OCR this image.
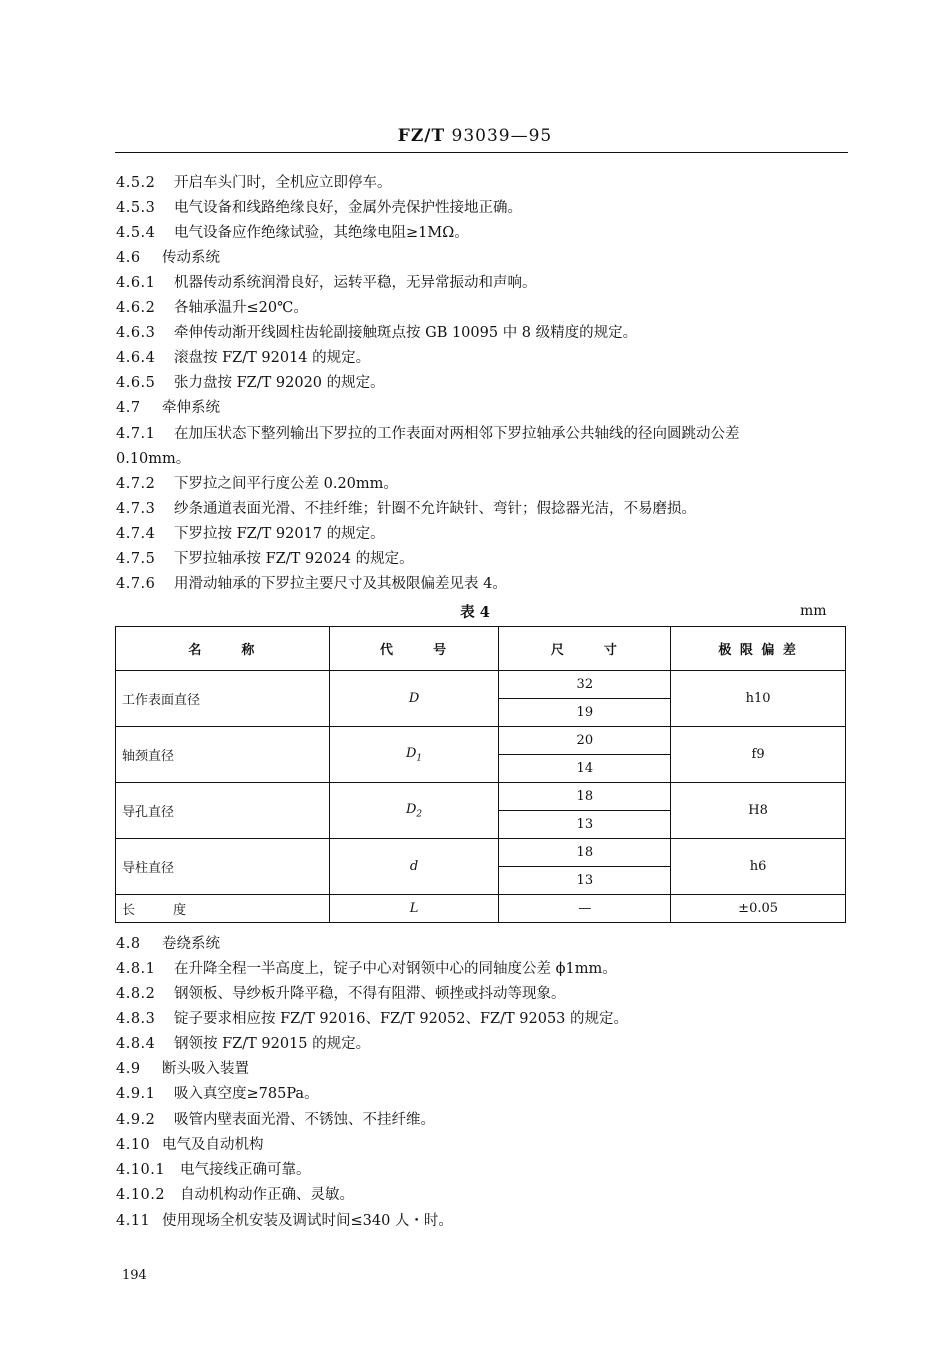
FZ/T 93039—95
4.5.2 开启车头门时，全机应立即停车。
4.5.3 电气设备和线路绝缘良好，金属外壳保护性接地正确。
4.5.4 电气设备应作绝缘试验，其绝缘电阻≥1MΩ。
4.6 传动系统
4.6.1 机器传动系统润滑良好，运转平稳，无异常振动和声响。
4.6.2 各轴承温升≤20℃。
4.6.3 牵伸传动渐开线圆柱齿轮副接触斑点按 GB 10095 中 8 级精度的规定。
4.6.4 滚盘按 FZ/T 92014 的规定。
4.6.5 张力盘按 FZ/T 92020 的规定。
4.7 牵伸系统
4.7.1 在加压状态下整列输出下罗拉的工作表面对两相邻下罗拉轴承公共轴线的径向圆跳动公差
0.10mm。
4.7.2 下罗拉之间平行度公差 0.20mm。
4.7.3 纱条通道表面光滑、不挂纤维；针圈不允许缺针、弯针；假捻器光洁，不易磨损。
4.7.4 下罗拉按 FZ/T 92017 的规定。
4.7.5 下罗拉轴承按 FZ/T 92024 的规定。
4.7.6 用滑动轴承的下罗拉主要尺寸及其极限偏差见表 4。
表 4	mm
名 称	代 号	尺 寸	极 限 偏 差
工作表面直径	D	32	h10
		19	
轴颈直径	$D_1$	20	f9
		14	
导孔直径	$D_2$	18	H8
		13	
导柱直径	d	18	h6
		13	
长 度	L	—	±0.05
4.8 卷绕系统
4.8.1 在升降全程一半高度上，锭子中心对钢领中心的同轴度公差 ϕ1mm。
4.8.2 钢领板、导纱板升降平稳，不得有阻滞、顿挫或抖动等现象。
4.8.3 锭子要求相应按 FZ/T 92016、FZ/T 92052、FZ/T 92053 的规定。
4.8.4 钢领按 FZ/T 92015 的规定。
4.9 断头吸入装置
4.9.1 吸入真空度≥785Pa。
4.9.2 吸管内壁表面光滑、不锈蚀、不挂纤维。
4.10 电气及自动机构
4.10.1 电气接线正确可靠。
4.10.2 自动机构动作正确、灵敏。
4.11 使用现场全机安装及调试时间≤340 人・时。
194
